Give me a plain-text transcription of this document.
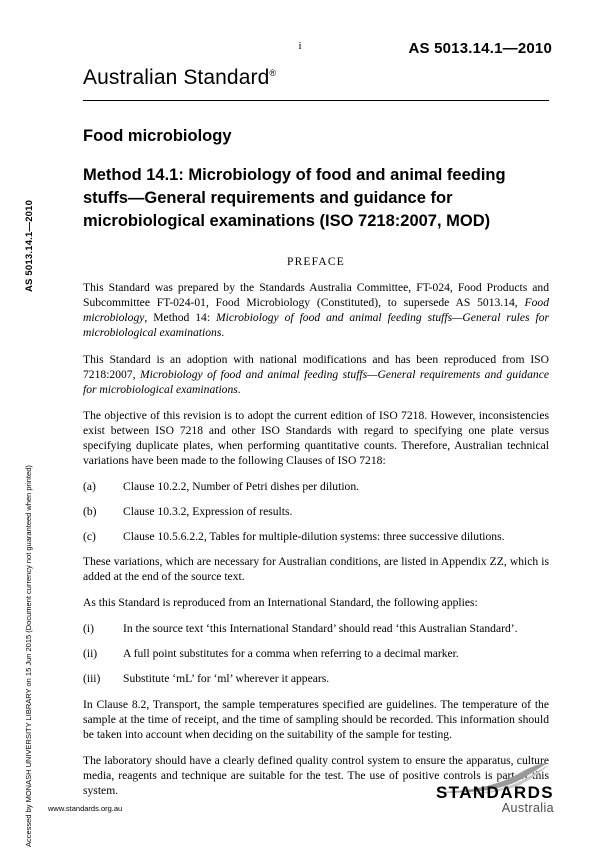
AS 5013.14.1—2010
Accessed by MONASH UNIVERSITY LIBRARY on 15 Jun 2015 (Document currency not guaranteed when printed)
i	AS 5013.14.1—2010
Australian Standard®
Food microbiology
Method 14.1: Microbiology of food and animal feeding stuffs—General requirements and guidance for microbiological examinations (ISO 7218:2007, MOD)
PREFACE

This Standard was prepared by the Standards Australia Committee, FT-024, Food Products and Subcommittee FT-024-01, Food Microbiology (Constituted), to supersede AS 5013.14, Food microbiology, Method 14: Microbiology of food and animal feeding stuffs—General rules for microbiological examinations.

This Standard is an adoption with national modifications and has been reproduced from ISO 7218:2007, Microbiology of food and animal feeding stuffs—General requirements and guidance for microbiological examinations.

The objective of this revision is to adopt the current edition of ISO 7218. However, inconsistencies exist between ISO 7218 and other ISO Standards with regard to specifying one plate versus specifying duplicate plates, when performing quantitative counts. Therefore, Australian technical variations have been made to the following Clauses of ISO 7218:

(a)	Clause 10.2.2, Number of Petri dishes per dilution.
(b)	Clause 10.3.2, Expression of results.
(c)	Clause 10.5.6.2.2, Tables for multiple-dilution systems: three successive dilutions.

These variations, which are necessary for Australian conditions, are listed in Appendix ZZ, which is added at the end of the source text.

As this Standard is reproduced from an International Standard, the following applies:

(i)	In the source text ‘this International Standard’ should read ‘this Australian Standard’.
(ii)	A full point substitutes for a comma when referring to a decimal marker.
(iii)	Substitute ‘mL’ for ‘ml’ wherever it appears.

In Clause 8.2, Transport, the sample temperatures specified are guidelines. The temperature of the sample at the time of receipt, and the time of sampling should be recorded. This information should be taken into account when deciding on the suitability of the sample for testing.

The laboratory should have a clearly defined quality control system to ensure the apparatus, culture media, reagents and technique are suitable for the test. The use of positive controls is part of this system.

www.standards.org.au
STANDARDS
Australia
